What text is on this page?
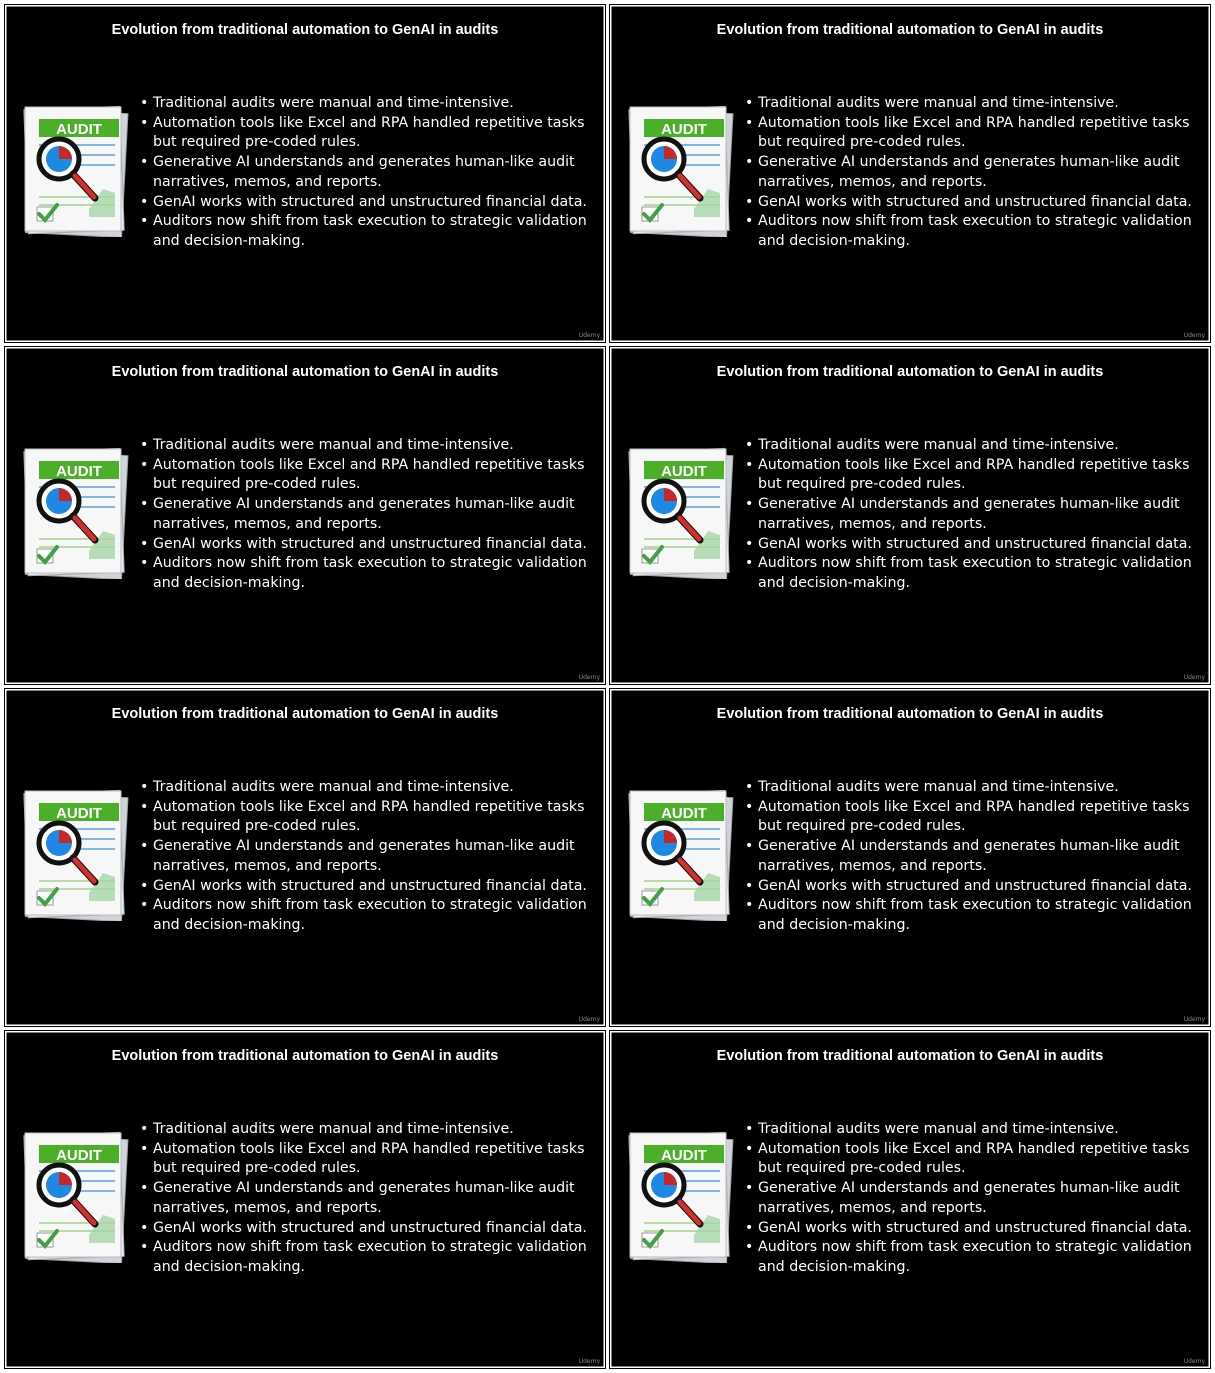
Evolution from traditional automation to GenAI in audits
AUDIT
• Traditional audits were manual and time-intensive.
• Automation tools like Excel and RPA handled repetitive tasks but required pre-coded rules.
• Generative AI understands and generates human-like audit narratives, memos, and reports.
• GenAI works with structured and unstructured financial data.
• Auditors now shift from task execution to strategic validation and decision-making.
Udemy
Evolution from traditional automation to GenAI in audits
AUDIT
• Traditional audits were manual and time-intensive.
• Automation tools like Excel and RPA handled repetitive tasks but required pre-coded rules.
• Generative AI understands and generates human-like audit narratives, memos, and reports.
• GenAI works with structured and unstructured financial data.
• Auditors now shift from task execution to strategic validation and decision-making.
Udemy
Evolution from traditional automation to GenAI in audits
AUDIT
• Traditional audits were manual and time-intensive.
• Automation tools like Excel and RPA handled repetitive tasks but required pre-coded rules.
• Generative AI understands and generates human-like audit narratives, memos, and reports.
• GenAI works with structured and unstructured financial data.
• Auditors now shift from task execution to strategic validation and decision-making.
Udemy
Evolution from traditional automation to GenAI in audits
AUDIT
• Traditional audits were manual and time-intensive.
• Automation tools like Excel and RPA handled repetitive tasks but required pre-coded rules.
• Generative AI understands and generates human-like audit narratives, memos, and reports.
• GenAI works with structured and unstructured financial data.
• Auditors now shift from task execution to strategic validation and decision-making.
Udemy
Evolution from traditional automation to GenAI in audits
AUDIT
• Traditional audits were manual and time-intensive.
• Automation tools like Excel and RPA handled repetitive tasks but required pre-coded rules.
• Generative AI understands and generates human-like audit narratives, memos, and reports.
• GenAI works with structured and unstructured financial data.
• Auditors now shift from task execution to strategic validation and decision-making.
Udemy
Evolution from traditional automation to GenAI in audits
AUDIT
• Traditional audits were manual and time-intensive.
• Automation tools like Excel and RPA handled repetitive tasks but required pre-coded rules.
• Generative AI understands and generates human-like audit narratives, memos, and reports.
• GenAI works with structured and unstructured financial data.
• Auditors now shift from task execution to strategic validation and decision-making.
Udemy
Evolution from traditional automation to GenAI in audits
AUDIT
• Traditional audits were manual and time-intensive.
• Automation tools like Excel and RPA handled repetitive tasks but required pre-coded rules.
• Generative AI understands and generates human-like audit narratives, memos, and reports.
• GenAI works with structured and unstructured financial data.
• Auditors now shift from task execution to strategic validation and decision-making.
Udemy
Evolution from traditional automation to GenAI in audits
AUDIT
• Traditional audits were manual and time-intensive.
• Automation tools like Excel and RPA handled repetitive tasks but required pre-coded rules.
• Generative AI understands and generates human-like audit narratives, memos, and reports.
• GenAI works with structured and unstructured financial data.
• Auditors now shift from task execution to strategic validation and decision-making.
Udemy
